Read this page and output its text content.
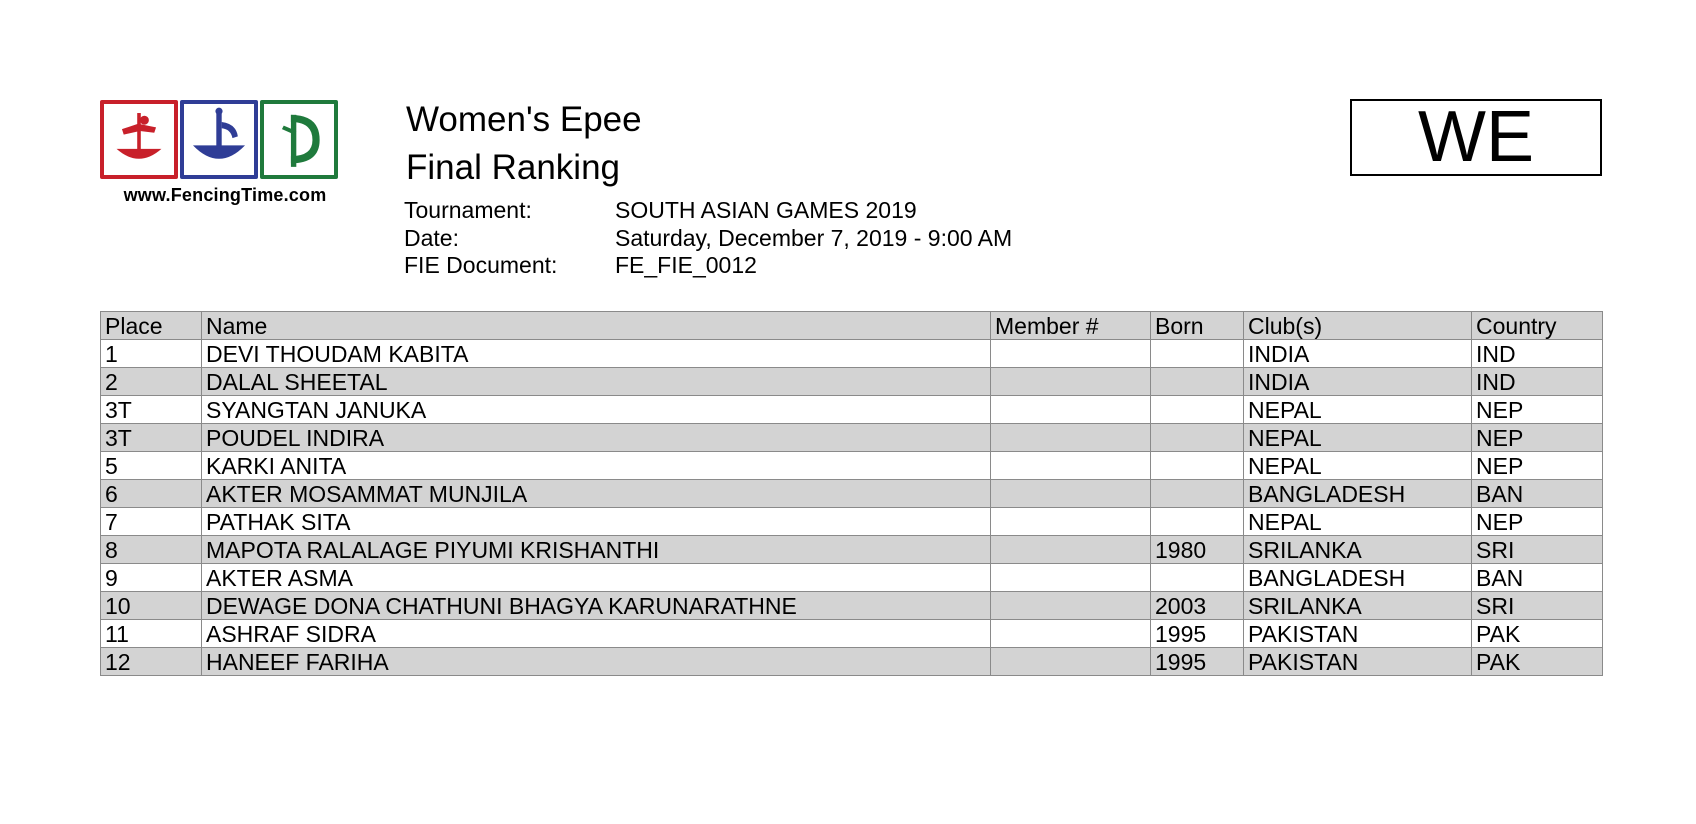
www.FencingTime.com
Women's Epee
Final Ranking
Tournament:	SOUTH ASIAN GAMES 2019
Date:	Saturday, December 7, 2019 - 9:00 AM
FIE Document:	FE_FIE_0012
WE
Place	Name	Member #	Born	Club(s)	Country
1	DEVI THOUDAM KABITA			INDIA	IND
2	DALAL SHEETAL			INDIA	IND
3T	SYANGTAN JANUKA			NEPAL	NEP
3T	POUDEL INDIRA			NEPAL	NEP
5	KARKI ANITA			NEPAL	NEP
6	AKTER MOSAMMAT MUNJILA			BANGLADESH	BAN
7	PATHAK SITA			NEPAL	NEP
8	MAPOTA RALALAGE PIYUMI KRISHANTHI		1980	SRILANKA	SRI
9	AKTER ASMA			BANGLADESH	BAN
10	DEWAGE DONA CHATHUNI BHAGYA KARUNARATHNE		2003	SRILANKA	SRI
11	ASHRAF SIDRA		1995	PAKISTAN	PAK
12	HANEEF FARIHA		1995	PAKISTAN	PAK
